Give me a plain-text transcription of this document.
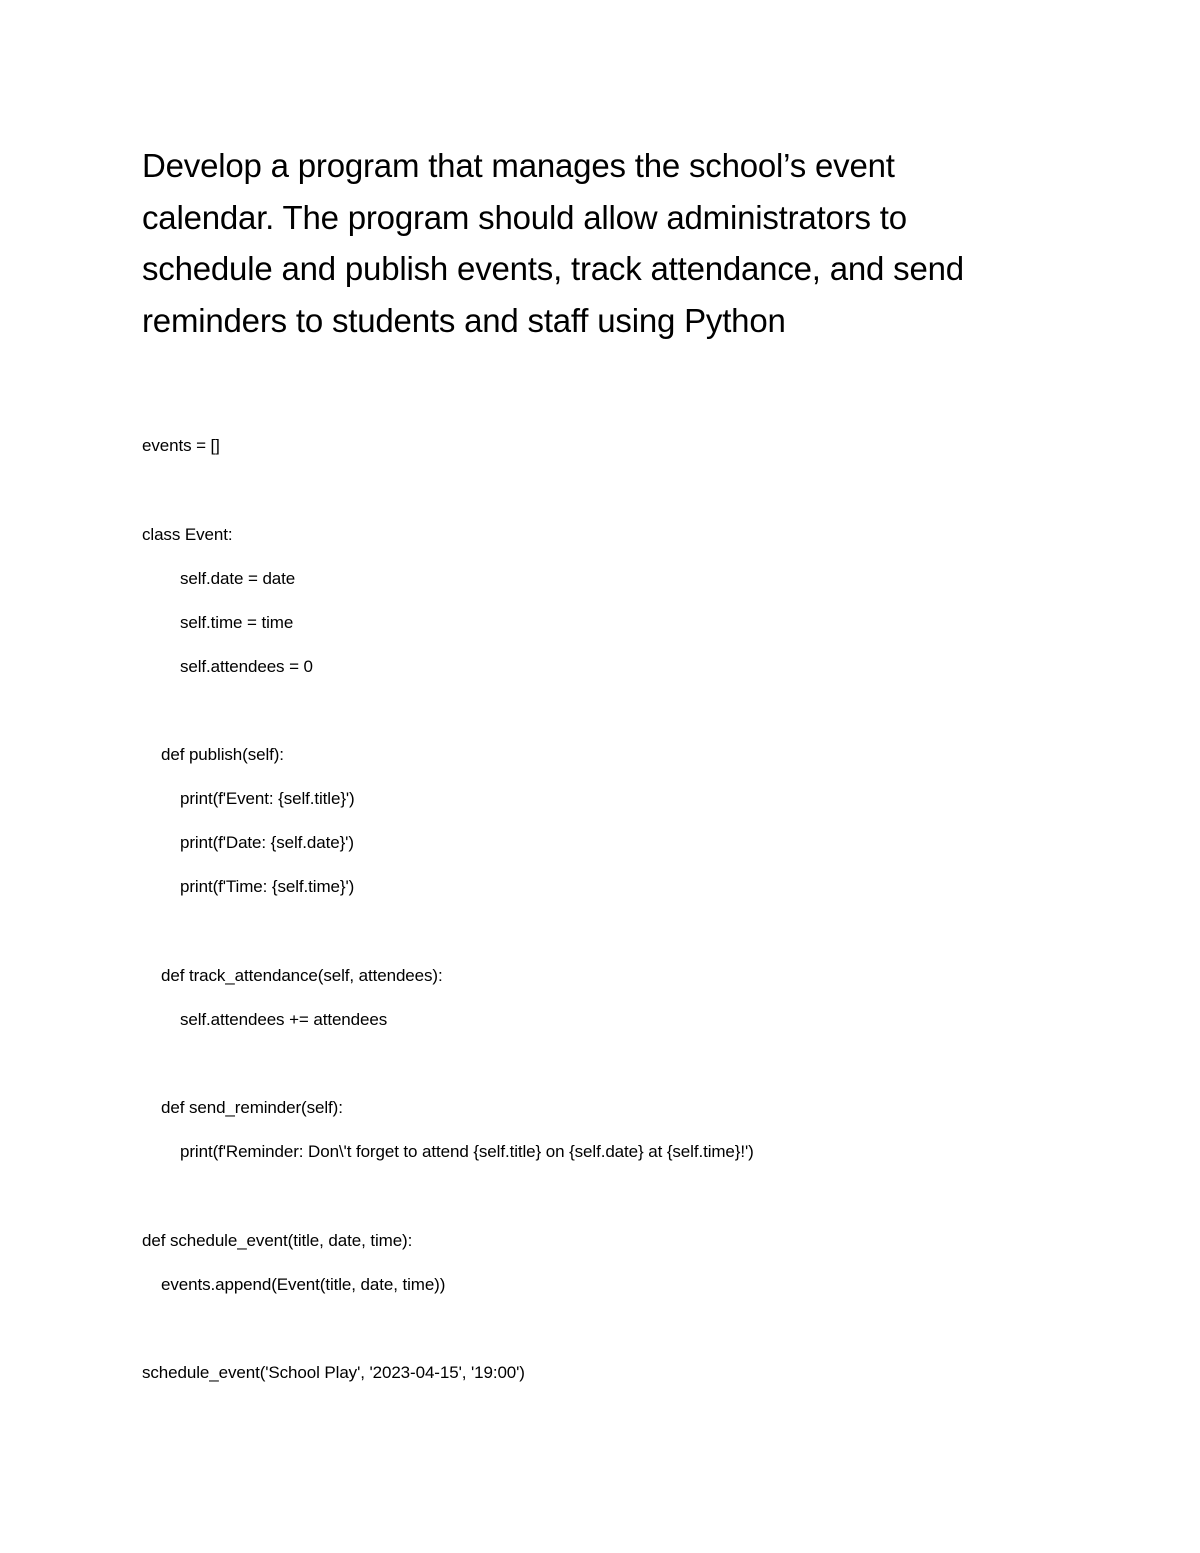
Develop a program that manages the school’s event
calendar. The program should allow administrators to
schedule and publish events, track attendance, and send
reminders to students and staff using Python

events = []

class Event:

self.date = date

self.time = time

self.attendees = 0

def publish(self):

print(f'Event: {self.title}')

print(f'Date: {self.date}')

print(f'Time: {self.time}')

def track_attendance(self, attendees):

self.attendees += attendees

def send_reminder(self):

print(f'Reminder: Don\'t forget to attend {self.title} on {self.date} at {self.time}!')

def schedule_event(title, date, time):

events.append(Event(title, date, time))

schedule_event('School Play', '2023-04-15', '19:00')
